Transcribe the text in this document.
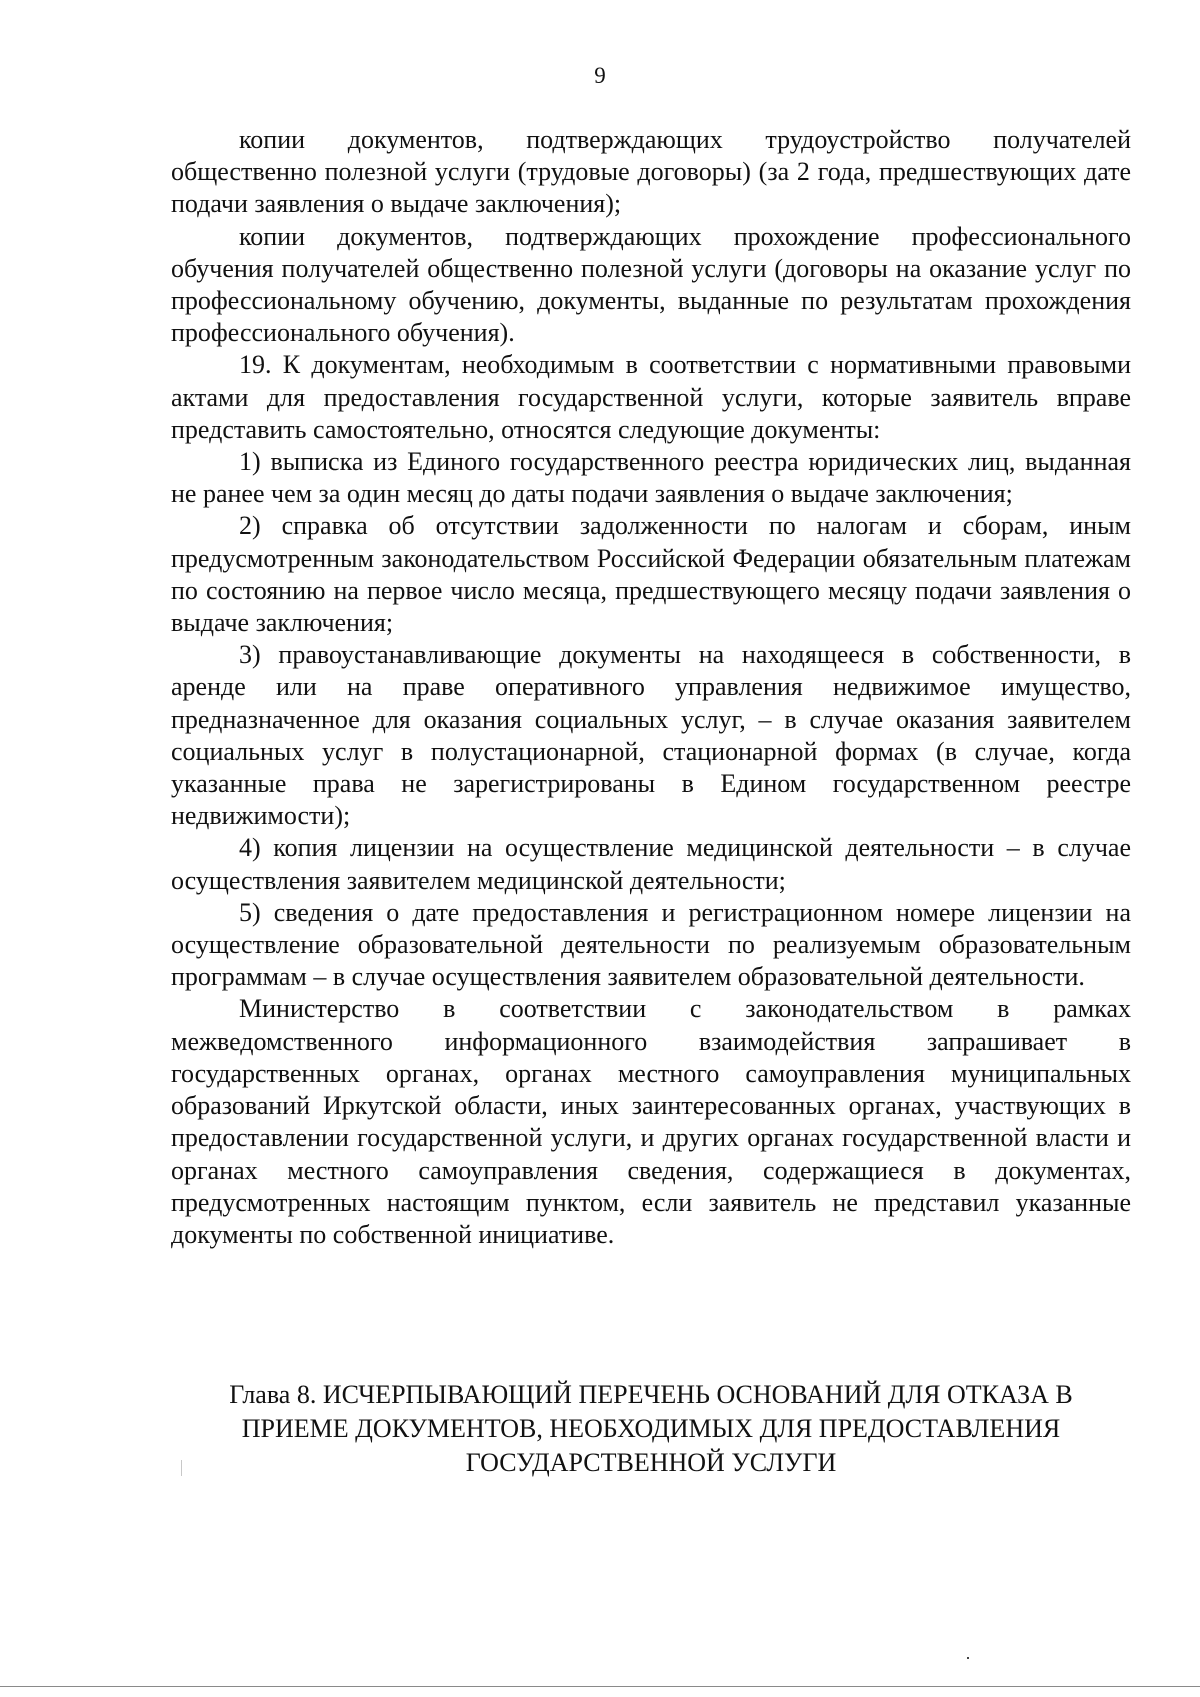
9

копии документов, подтверждающих трудоустройство получателей общественно полезной услуги (трудовые договоры) (за 2 года, предшествующих дате подачи заявления о выдаче заключения);

копии документов, подтверждающих прохождение профессионального обучения получателей общественно полезной услуги (договоры на оказание услуг по профессиональному обучению, документы, выданные по результатам прохождения профессионального обучения).

19. К документам, необходимым в соответствии с нормативными правовыми актами для предоставления государственной услуги, которые заявитель вправе представить самостоятельно, относятся следующие документы:

1) выписка из Единого государственного реестра юридических лиц, выданная не ранее чем за один месяц до даты подачи заявления о выдаче заключения;

2) справка об отсутствии задолженности по налогам и сборам, иным предусмотренным законодательством Российской Федерации обязательным платежам по состоянию на первое число месяца, предшествующего месяцу подачи заявления о выдаче заключения;

3) правоустанавливающие документы на находящееся в собственности, в аренде или на праве оперативного управления недвижимое имущество, предназначенное для оказания социальных услуг, – в случае оказания заявителем социальных услуг в полустационарной, стационарной формах (в случае, когда указанные права не зарегистрированы в Едином государственном реестре недвижимости);

4) копия лицензии на осуществление медицинской деятельности – в случае осуществления заявителем медицинской деятельности;

5) сведения о дате предоставления и регистрационном номере лицензии на осуществление образовательной деятельности по реализуемым образовательным программам – в случае осуществления заявителем образовательной деятельности.

Министерство в соответствии с законодательством в рамках межведомственного информационного взаимодействия запрашивает в государственных органах, органах местного самоуправления муниципальных образований Иркутской области, иных заинтересованных органах, участвующих в предоставлении государственной услуги, и других органах государственной власти и органах местного самоуправления сведения, содержащиеся в документах, предусмотренных настоящим пунктом, если заявитель не представил указанные документы по собственной инициативе.

Глава 8. ИСЧЕРПЫВАЮЩИЙ ПЕРЕЧЕНЬ ОСНОВАНИЙ ДЛЯ ОТКАЗА В
ПРИЕМЕ ДОКУМЕНТОВ, НЕОБХОДИМЫХ ДЛЯ ПРЕДОСТАВЛЕНИЯ
ГОСУДАРСТВЕННОЙ УСЛУГИ
